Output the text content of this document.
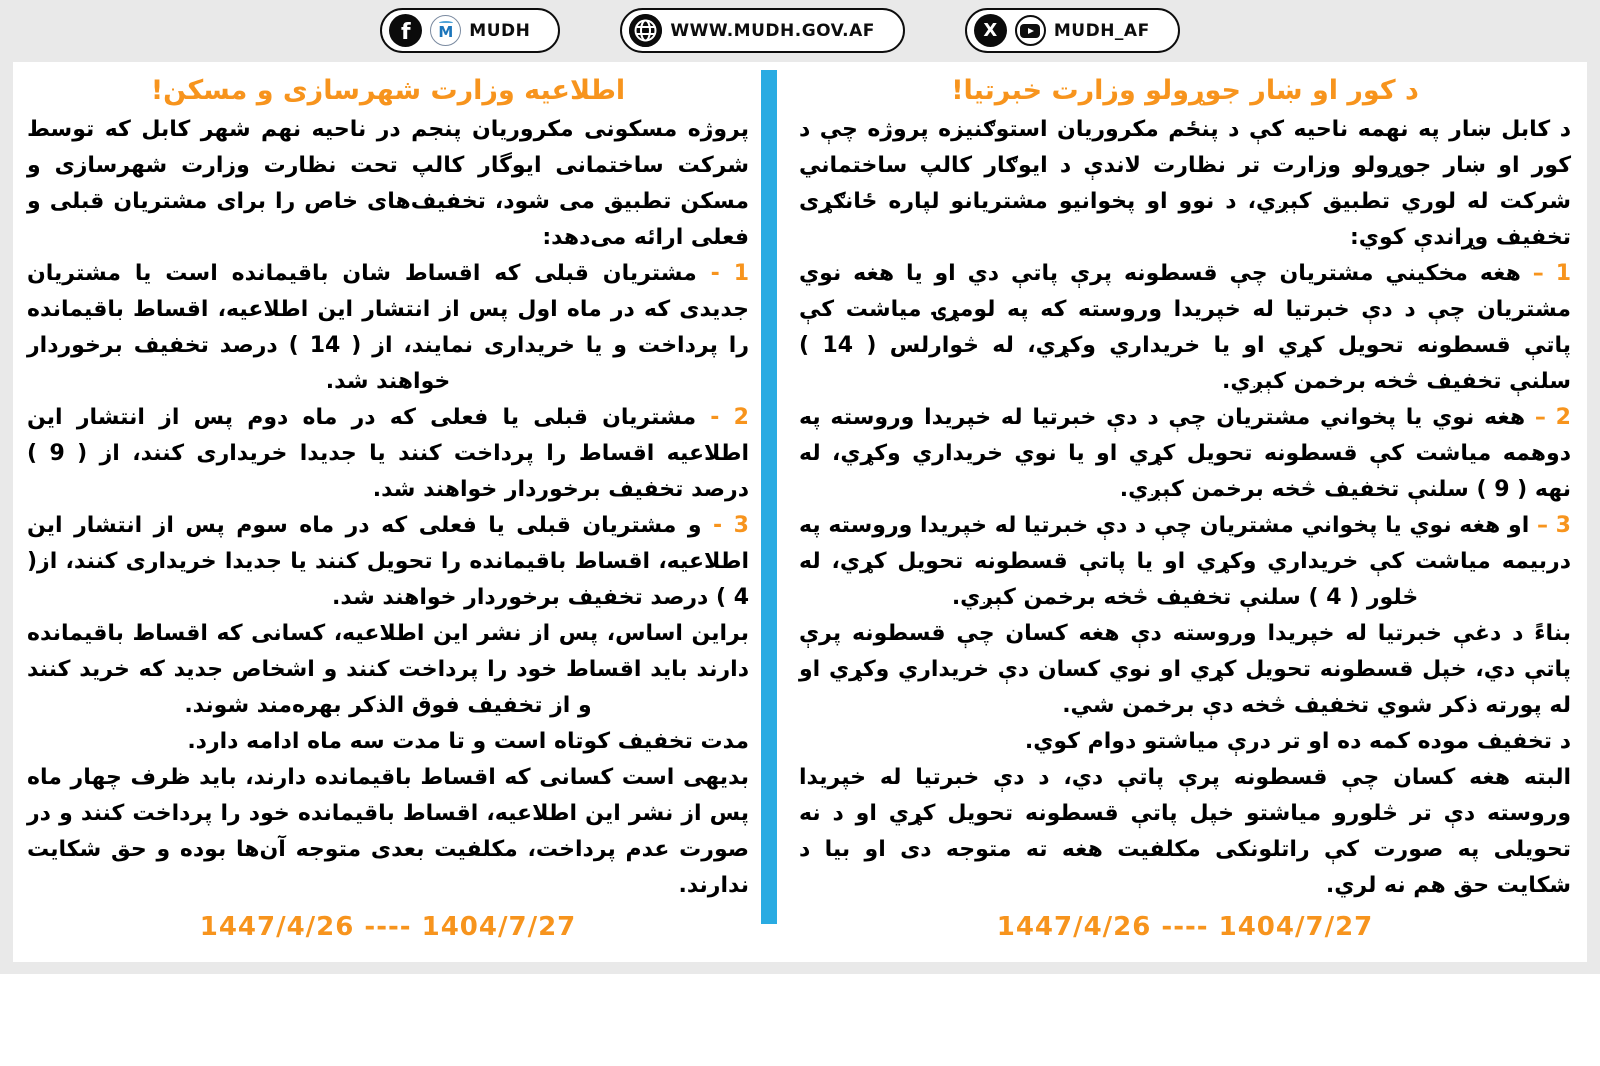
f M MUDH	WWW.MUDH.GOV.AF	X	MUDH_AF
اطلاعیه وزارت شهرسازی و مسکن!

پروژه مسکونی مکروریان پنجم در ناحیه نهم شهر کابل که توسط شرکت ساختمانی ایوگار کالپ تحت نظارت وزارت شهرسازی و مسکن تطبیق می شود، تخفیف‌های خاص را برای مشتریان قبلی و فعلی ارائه می‌دهد:

1 - مشتریان قبلی که اقساط شان باقیمانده است یا مشتریان جدیدی که در ماه اول پس از انتشار این اطلاعیه، اقساط باقیمانده را پرداخت و یا خریداری نمایند، از ( 14 ) درصد تخفیف برخوردار خواهند شد.

2 - مشتریان قبلی یا فعلی که در ماه دوم پس از انتشار این اطلاعیه اقساط را پرداخت کنند یا جدیدا خریداری کنند، از ( 9 ) درصد تخفیف برخوردار خواهند شد.

3 - و مشتریان قبلی یا فعلی که در ماه سوم پس از انتشار این اطلاعیه، اقساط باقیمانده را تحویل کنند یا جدیدا خریداری کنند، از( 4 ) درصد تخفیف برخوردار خواهند شد.

براین اساس، پس از نشر این اطلاعیه، کسانی که اقساط باقیمانده دارند باید اقساط خود را پرداخت کنند و اشخاص جدید که خرید کنند و از تخفیف فوق الذکر بهره‌مند شوند.

مدت تخفیف کوتاه است و تا مدت سه ماه ادامه دارد.

بدیهی است کسانی که اقساط باقیمانده دارند، باید ظرف چهار ماه پس از نشر این اطلاعیه، اقساط باقیمانده خود را پرداخت کنند و در صورت عدم پرداخت، مکلفیت بعدی متوجه آن‌ها بوده و حق شکایت ندارند.

1447/4/26 ---- 1404/7/27
د کور او ښار جوړولو وزارت خبرتیا!

د کابل ښار په نهمه ناحیه کې د پنځم مکروریان استوګنیزه پروژه چې د کور او ښار جوړولو وزارت تر نظارت لاندې د ایوګار کالپ ساختماني شرکت له لوري تطبیق کېږي، د نوو او پخوانیو مشتریانو لپاره ځانګړی تخفیف وړاندې کوي:

1 – هغه مخکیني مشتریان چې قسطونه پرې پاتې دي او یا هغه نوي مشتریان چې د دې خبرتیا له خپریدا وروسته که په لومړۍ میاشت کې پاتې قسطونه تحویل کړي او یا خریداري وکړي، له څوارلس ( 14 ) سلنې تخفیف څخه برخمن کېږي.

2 – هغه نوي یا پخواني مشتریان چې د دې خبرتیا له خپریدا وروسته په دوهمه میاشت کې قسطونه تحویل کړي او یا نوي خریداري وکړي، له نهه ( 9 ) سلنې تخفیف څخه برخمن کېږي.

3 – او هغه نوي یا پخواني مشتریان چې د دې خبرتیا له خپریدا وروسته په دربیمه میاشت کې خریداري وکړي او یا پاتې قسطونه تحویل کړي، له څلور ( 4 ) سلنې تخفیف څخه برخمن کېږي.

بناءً د دغې خبرتیا له خپریدا وروسته دې هغه کسان چې قسطونه پرې پاتې دي، خپل قسطونه تحویل کړي او نوي کسان دې خریداري وکړي او له پورته ذکر شوي تخفیف څخه دې برخمن شي.

د تخفیف موده کمه ده او تر درې میاشتو دوام کوي.

البته هغه کسان چې قسطونه پرې پاتې دي، د دې خبرتیا له خپریدا وروسته دې تر څلورو میاشتو خپل پاتې قسطونه تحویل کړي او د نه تحویلی په صورت کې راتلونکی مکلفیت هغه ته متوجه دی او بیا د شکایت حق هم نه لري.

1447/4/26 ---- 1404/7/27
